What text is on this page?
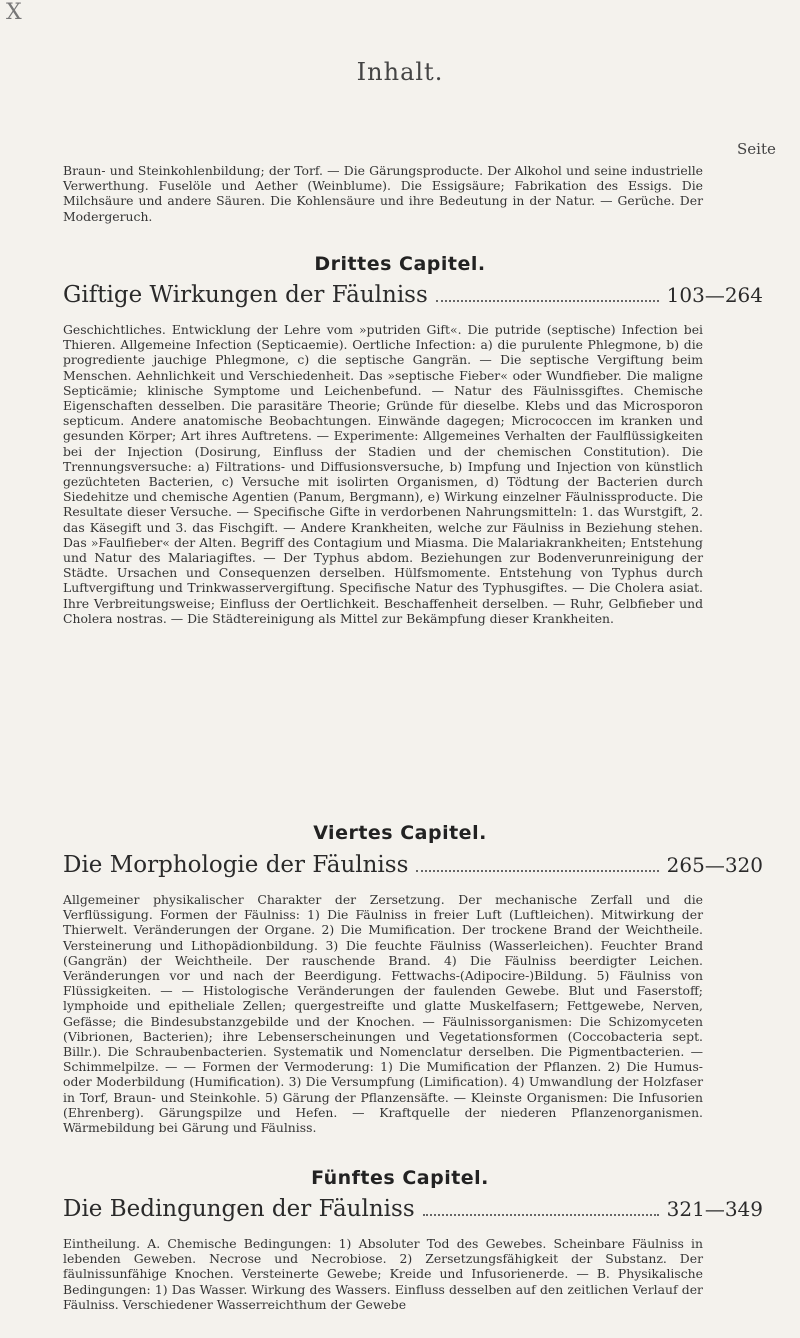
X
Inhalt.
Seite

Braun- und Steinkohlenbildung; der Torf. — Die Gärungsproducte. Der Alkohol und seine industrielle Verwerthung. Fuselöle und Aether (Weinblume). Die Essigsäure; Fabrikation des Essigs. Die Milchsäure und andere Säuren. Die Kohlensäure und ihre Bedeutung in der Natur. — Gerüche. Der Modergeruch.

Drittes Capitel.
Giftige Wirkungen der Fäulniss	103—264

Geschichtliches. Entwicklung der Lehre vom »putriden Gift«. Die putride (septische) Infection bei Thieren. Allgemeine Infection (Septicaemie). Oertliche Infection: a) die purulente Phlegmone, b) die progrediente jauchige Phlegmone, c) die septische Gangrän. — Die septische Vergiftung beim Menschen. Aehnlichkeit und Verschiedenheit. Das »septische Fieber« oder Wundfieber. Die maligne Septicämie; klinische Symptome und Leichenbefund. — Natur des Fäulnissgiftes. Chemische Eigenschaften desselben. Die parasitäre Theorie; Gründe für dieselbe. Klebs und das Microsporon septicum. Andere anatomische Beobachtungen. Einwände dagegen; Micrococcen im kranken und gesunden Körper; Art ihres Auftretens. — Experimente: Allgemeines Verhalten der Faulflüssigkeiten bei der Injection (Dosirung, Einfluss der Stadien und der chemischen Constitution). Die Trennungsversuche: a) Filtrations- und Diffusionsversuche, b) Impfung und Injection von künstlich gezüchteten Bacterien, c) Versuche mit isolirten Organismen, d) Tödtung der Bacterien durch Siedehitze und chemische Agentien (Panum, Bergmann), e) Wirkung einzelner Fäulnissproducte. Die Resultate dieser Versuche. — Specifische Gifte in verdorbenen Nahrungsmitteln: 1. das Wurstgift, 2. das Käsegift und 3. das Fischgift. — Andere Krankheiten, welche zur Fäulniss in Beziehung stehen. Das »Faulfieber« der Alten. Begriff des Contagium und Miasma. Die Malariakrankheiten; Entstehung und Natur des Malariagiftes. — Der Typhus abdom. Beziehungen zur Bodenverunreinigung der Städte. Ursachen und Consequenzen derselben. Hülfsmomente. Entstehung von Typhus durch Luftvergiftung und Trinkwasservergiftung. Specifische Natur des Typhusgiftes. — Die Cholera asiat. Ihre Verbreitungsweise; Einfluss der Oertlichkeit. Beschaffenheit derselben. — Ruhr, Gelbfieber und Cholera nostras. — Die Städtereinigung als Mittel zur Bekämpfung dieser Krankheiten.

Viertes Capitel.
Die Morphologie der Fäulniss	265—320

Allgemeiner physikalischer Charakter der Zersetzung. Der mechanische Zerfall und die Verflüssigung. Formen der Fäulniss: 1) Die Fäulniss in freier Luft (Luftleichen). Mitwirkung der Thierwelt. Veränderungen der Organe. 2) Die Mumification. Der trockene Brand der Weichtheile. Versteinerung und Lithopädionbildung. 3) Die feuchte Fäulniss (Wasserleichen). Feuchter Brand (Gangrän) der Weichtheile. Der rauschende Brand. 4) Die Fäulniss beerdigter Leichen. Veränderungen vor und nach der Beerdigung. Fettwachs-(Adipocire-)Bildung. 5) Fäulniss von Flüssigkeiten. — — Histologische Veränderungen der faulenden Gewebe. Blut und Faserstoff; lymphoide und epitheliale Zellen; quergestreifte und glatte Muskelfasern; Fettgewebe, Nerven, Gefässe; die Bindesubstanzgebilde und der Knochen. — Fäulnissorganismen: Die Schizomyceten (Vibrionen, Bacterien); ihre Lebenserscheinungen und Vegetationsformen (Coccobacteria sept. Billr.). Die Schraubenbacterien. Systematik und Nomenclatur derselben. Die Pigmentbacterien. — Schimmelpilze. — — Formen der Vermoderung: 1) Die Mumification der Pflanzen. 2) Die Humus- oder Moderbildung (Humification). 3) Die Versumpfung (Limification). 4) Umwandlung der Holzfaser in Torf, Braun- und Steinkohle. 5) Gärung der Pflanzensäfte. — Kleinste Organismen: Die Infusorien (Ehrenberg). Gärungspilze und Hefen. — Kraftquelle der niederen Pflanzenorganismen. Wärmebildung bei Gärung und Fäulniss.

Fünftes Capitel.
Die Bedingungen der Fäulniss	321—349

Eintheilung. A. Chemische Bedingungen: 1) Absoluter Tod des Gewebes. Scheinbare Fäulniss in lebenden Geweben. Necrose und Necrobiose. 2) Zersetzungsfähigkeit der Substanz. Der fäulnissunfähige Knochen. Versteinerte Gewebe; Kreide und Infusorienerde. — B. Physikalische Bedingungen: 1) Das Wasser. Wirkung des Wassers. Einfluss desselben auf den zeitlichen Verlauf der Fäulniss. Verschiedener Wasserreichthum der Gewebe
